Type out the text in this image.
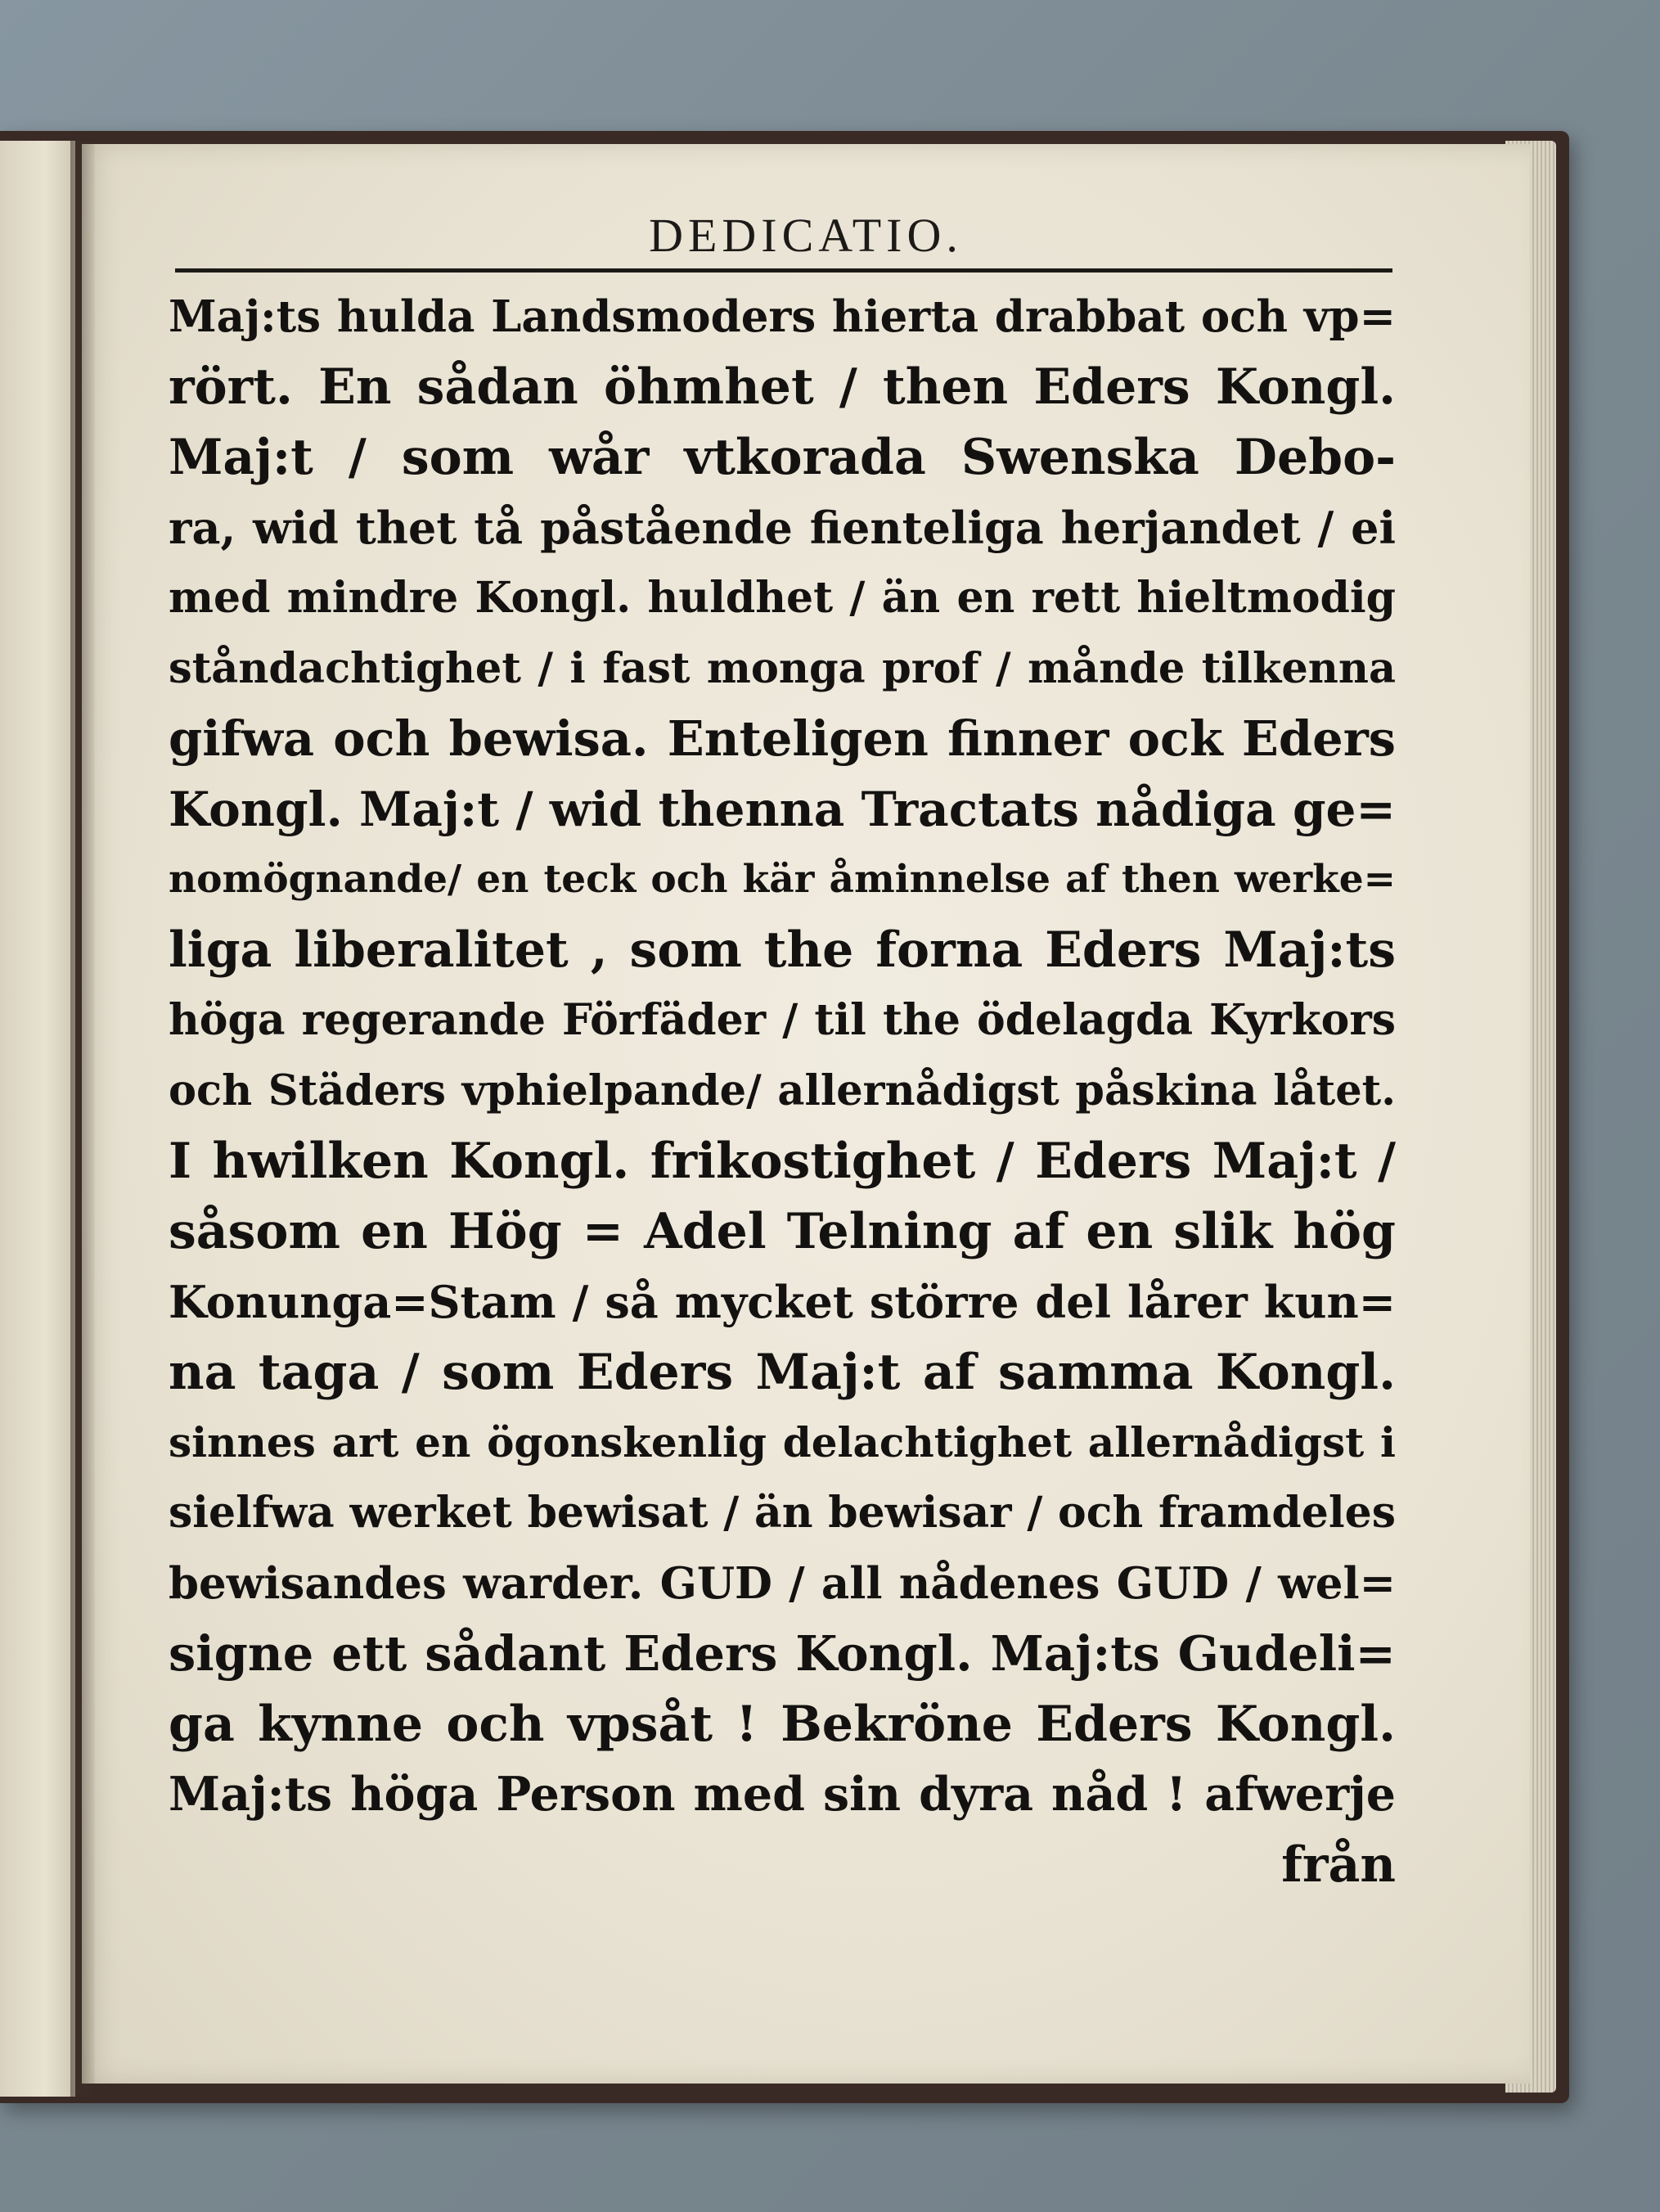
DEDICATIO.
Maj:ts hulda Landsmoders hierta drabbat och vp=
rört. En sådan öhmhet / then Eders Kongl.
Maj:t / som wår vtkorada Swenska Debo-
ra, wid thet tå påstående fienteliga herjandet / ei
med mindre Kongl. huldhet / än en rett hieltmodig
ståndachtighet / i fast monga prof / månde tilkenna
gifwa och bewisa. Enteligen finner ock Eders
Kongl. Maj:t / wid thenna Tractats nådiga ge=
nomögnande/ en teck och kär åminnelse af then werke=
liga liberalitet , som the forna Eders Maj:ts
höga regerande Förfäder / til the ödelagda Kyrkors
och Städers vphielpande/ allernådigst påskina låtet.
I hwilken Kongl. frikostighet / Eders Maj:t /
såsom en Hög = Adel Telning af en slik hög
Konunga=Stam / så mycket större del lårer kun=
na taga / som Eders Maj:t af samma Kongl.
sinnes art en ögonskenlig delachtighet allernådigst i
sielfwa werket bewisat / än bewisar / och framdeles
bewisandes warder. GUD / all nådenes GUD / wel=
signe ett sådant Eders Kongl. Maj:ts Gudeli=
ga kynne och vpsåt ! Bekröne Eders Kongl.
Maj:ts höga Person med sin dyra nåd ! afwerje
från
